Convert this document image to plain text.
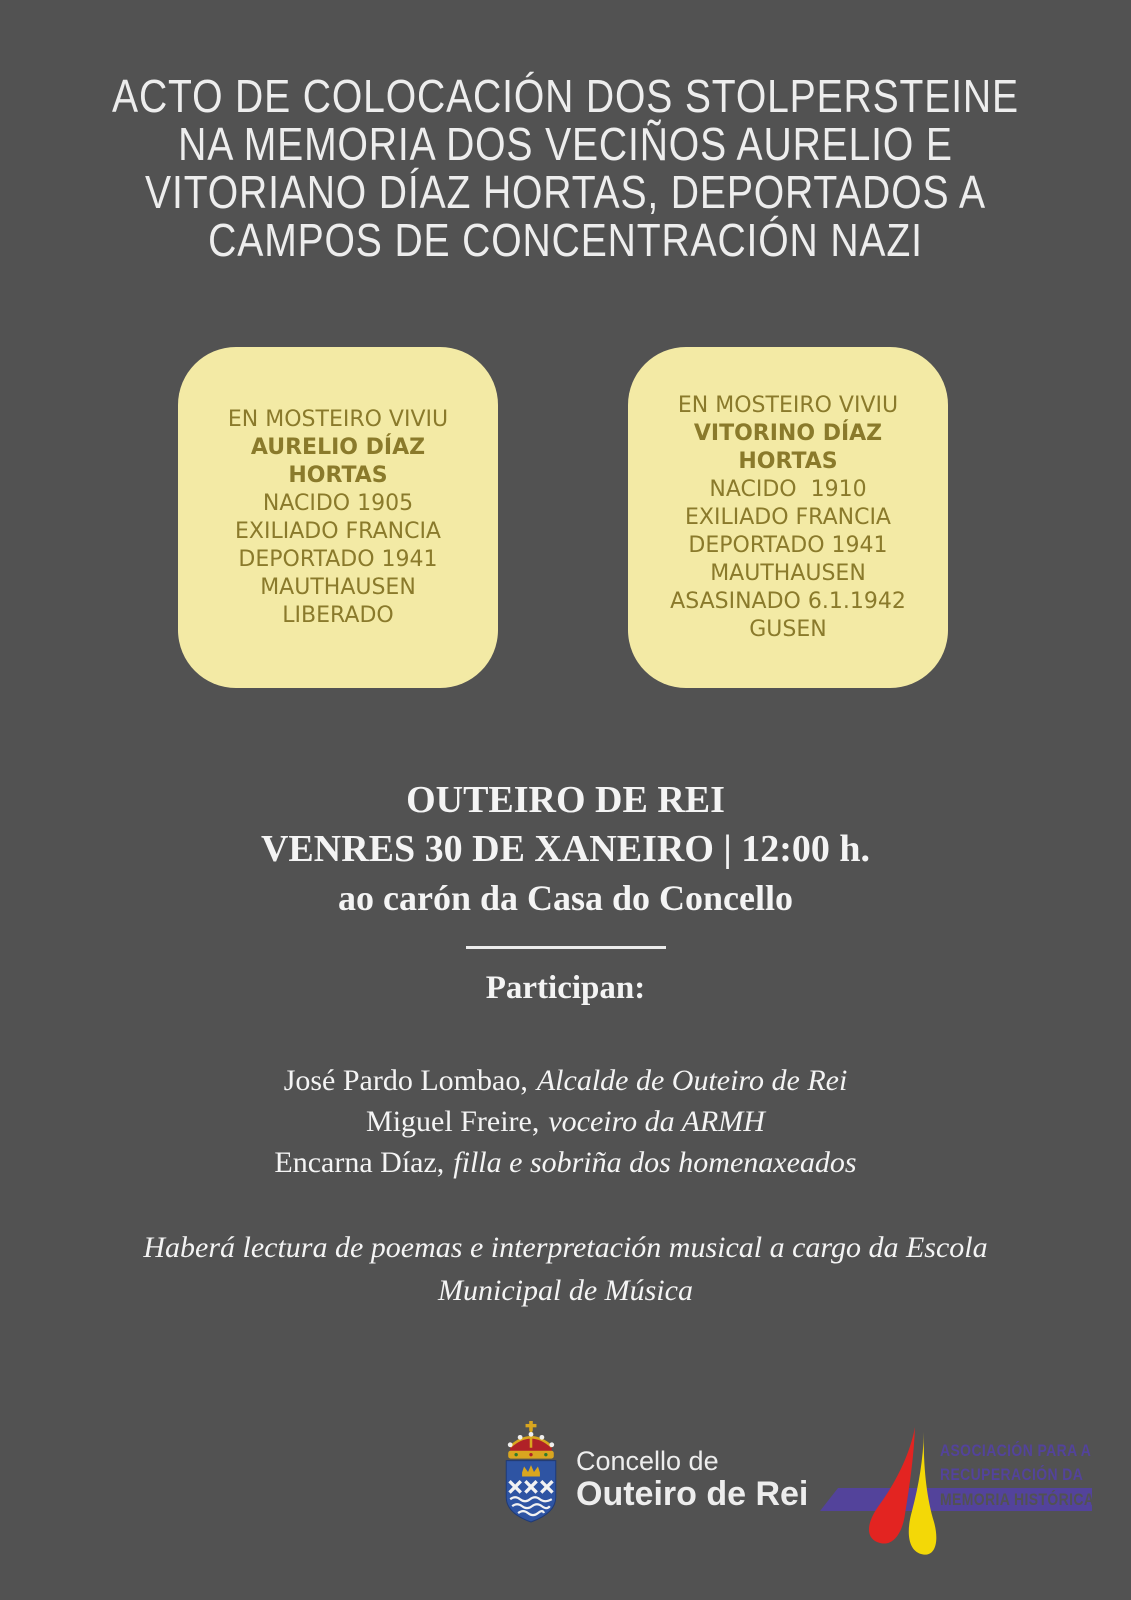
ACTO DE COLOCACIÓN DOS STOLPERSTEINE
NA MEMORIA DOS VECIÑOS AURELIO E
VITORIANO DÍAZ HORTAS, DEPORTADOS A
CAMPOS DE CONCENTRACIÓN NAZI
EN MOSTEIRO VIVIU
AURELIO DÍAZ
HORTAS
NACIDO 1905
EXILIADO FRANCIA
DEPORTADO 1941
MAUTHAUSEN
LIBERADO
EN MOSTEIRO VIVIU
VITORINO DÍAZ
HORTAS
NACIDO  1910
EXILIADO FRANCIA
DEPORTADO 1941
MAUTHAUSEN
ASASINADO 6.1.1942
GUSEN
OUTEIRO DE REI
VENRES 30 DE XANEIRO | 12:00 h.
ao carón da Casa do Concello
Participan:
José Pardo Lombao, Alcalde de Outeiro de Rei
Miguel Freire, voceiro da ARMH
Encarna Díaz, filla e sobriña dos homenaxeados
Haberá lectura de poemas e interpretación musical a cargo da Escola
Municipal de Música
Concello de
Outeiro de Rei
ASOCIACIÓN PARA A
RECUPERACIÓN DA
MEMORIA HISTÓRICA
